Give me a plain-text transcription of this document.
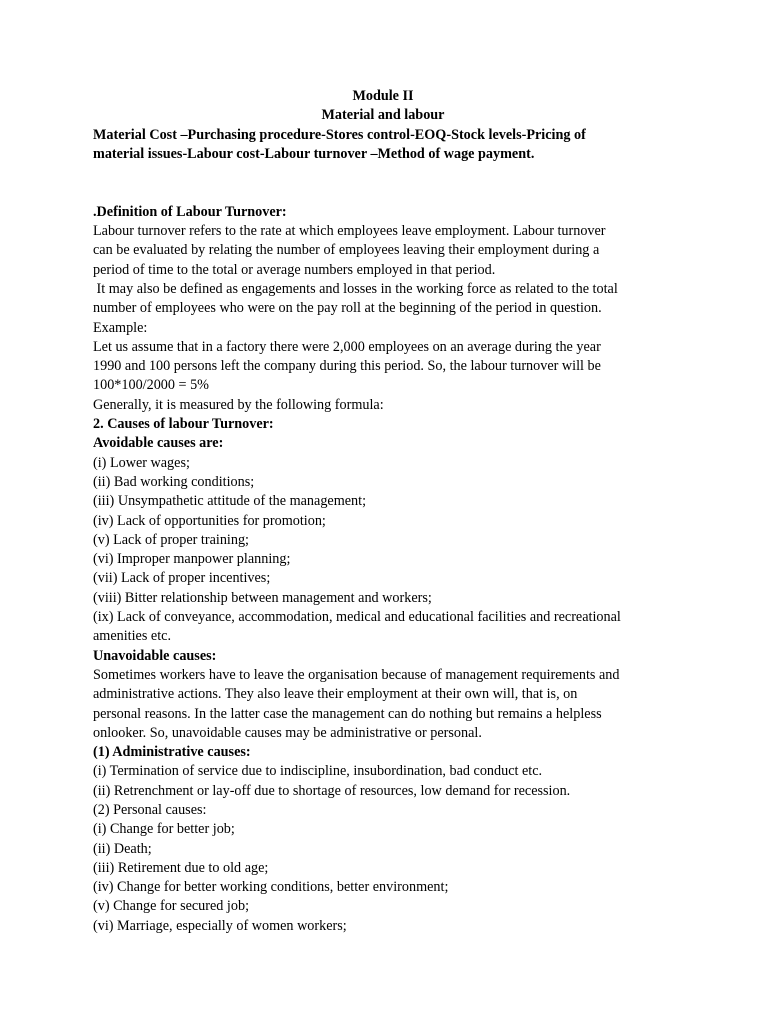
Module II
Material and labour
Material Cost –Purchasing procedure-Stores control-EOQ-Stock levels-Pricing of
material issues-Labour cost-Labour turnover –Method of wage payment.
.Definition of Labour Turnover:
Labour turnover refers to the rate at which employees leave employment. Labour turnover
can be evaluated by relating the number of employees leaving their employment during a
period of time to the total or average numbers employed in that period.
It may also be defined as engagements and losses in the working force as related to the total
number of employees who were on the pay roll at the beginning of the period in question.
Example:
Let us assume that in a factory there were 2,000 employees on an average during the year
1990 and 100 persons left the company during this period. So, the labour turnover will be
100*100/2000 = 5%
Generally, it is measured by the following formula:
2. Causes of labour Turnover:
Avoidable causes are:
(i) Lower wages;
(ii) Bad working conditions;
(iii) Unsympathetic attitude of the management;
(iv) Lack of opportunities for promotion;
(v) Lack of proper training;
(vi) Improper manpower planning;
(vii) Lack of proper incentives;
(viii) Bitter relationship between management and workers;
(ix) Lack of conveyance, accommodation, medical and educational facilities and recreational
amenities etc.
Unavoidable causes:
Sometimes workers have to leave the organisation because of management requirements and
administrative actions. They also leave their employment at their own will, that is, on
personal reasons. In the latter case the management can do nothing but remains a helpless
onlooker. So, unavoidable causes may be administrative or personal.
(1) Administrative causes:
(i) Termination of service due to indiscipline, insubordination, bad conduct etc.
(ii) Retrenchment or lay-off due to shortage of resources, low demand for recession.
(2) Personal causes:
(i) Change for better job;
(ii) Death;
(iii) Retirement due to old age;
(iv) Change for better working conditions, better environment;
(v) Change for secured job;
(vi) Marriage, especially of women workers;
